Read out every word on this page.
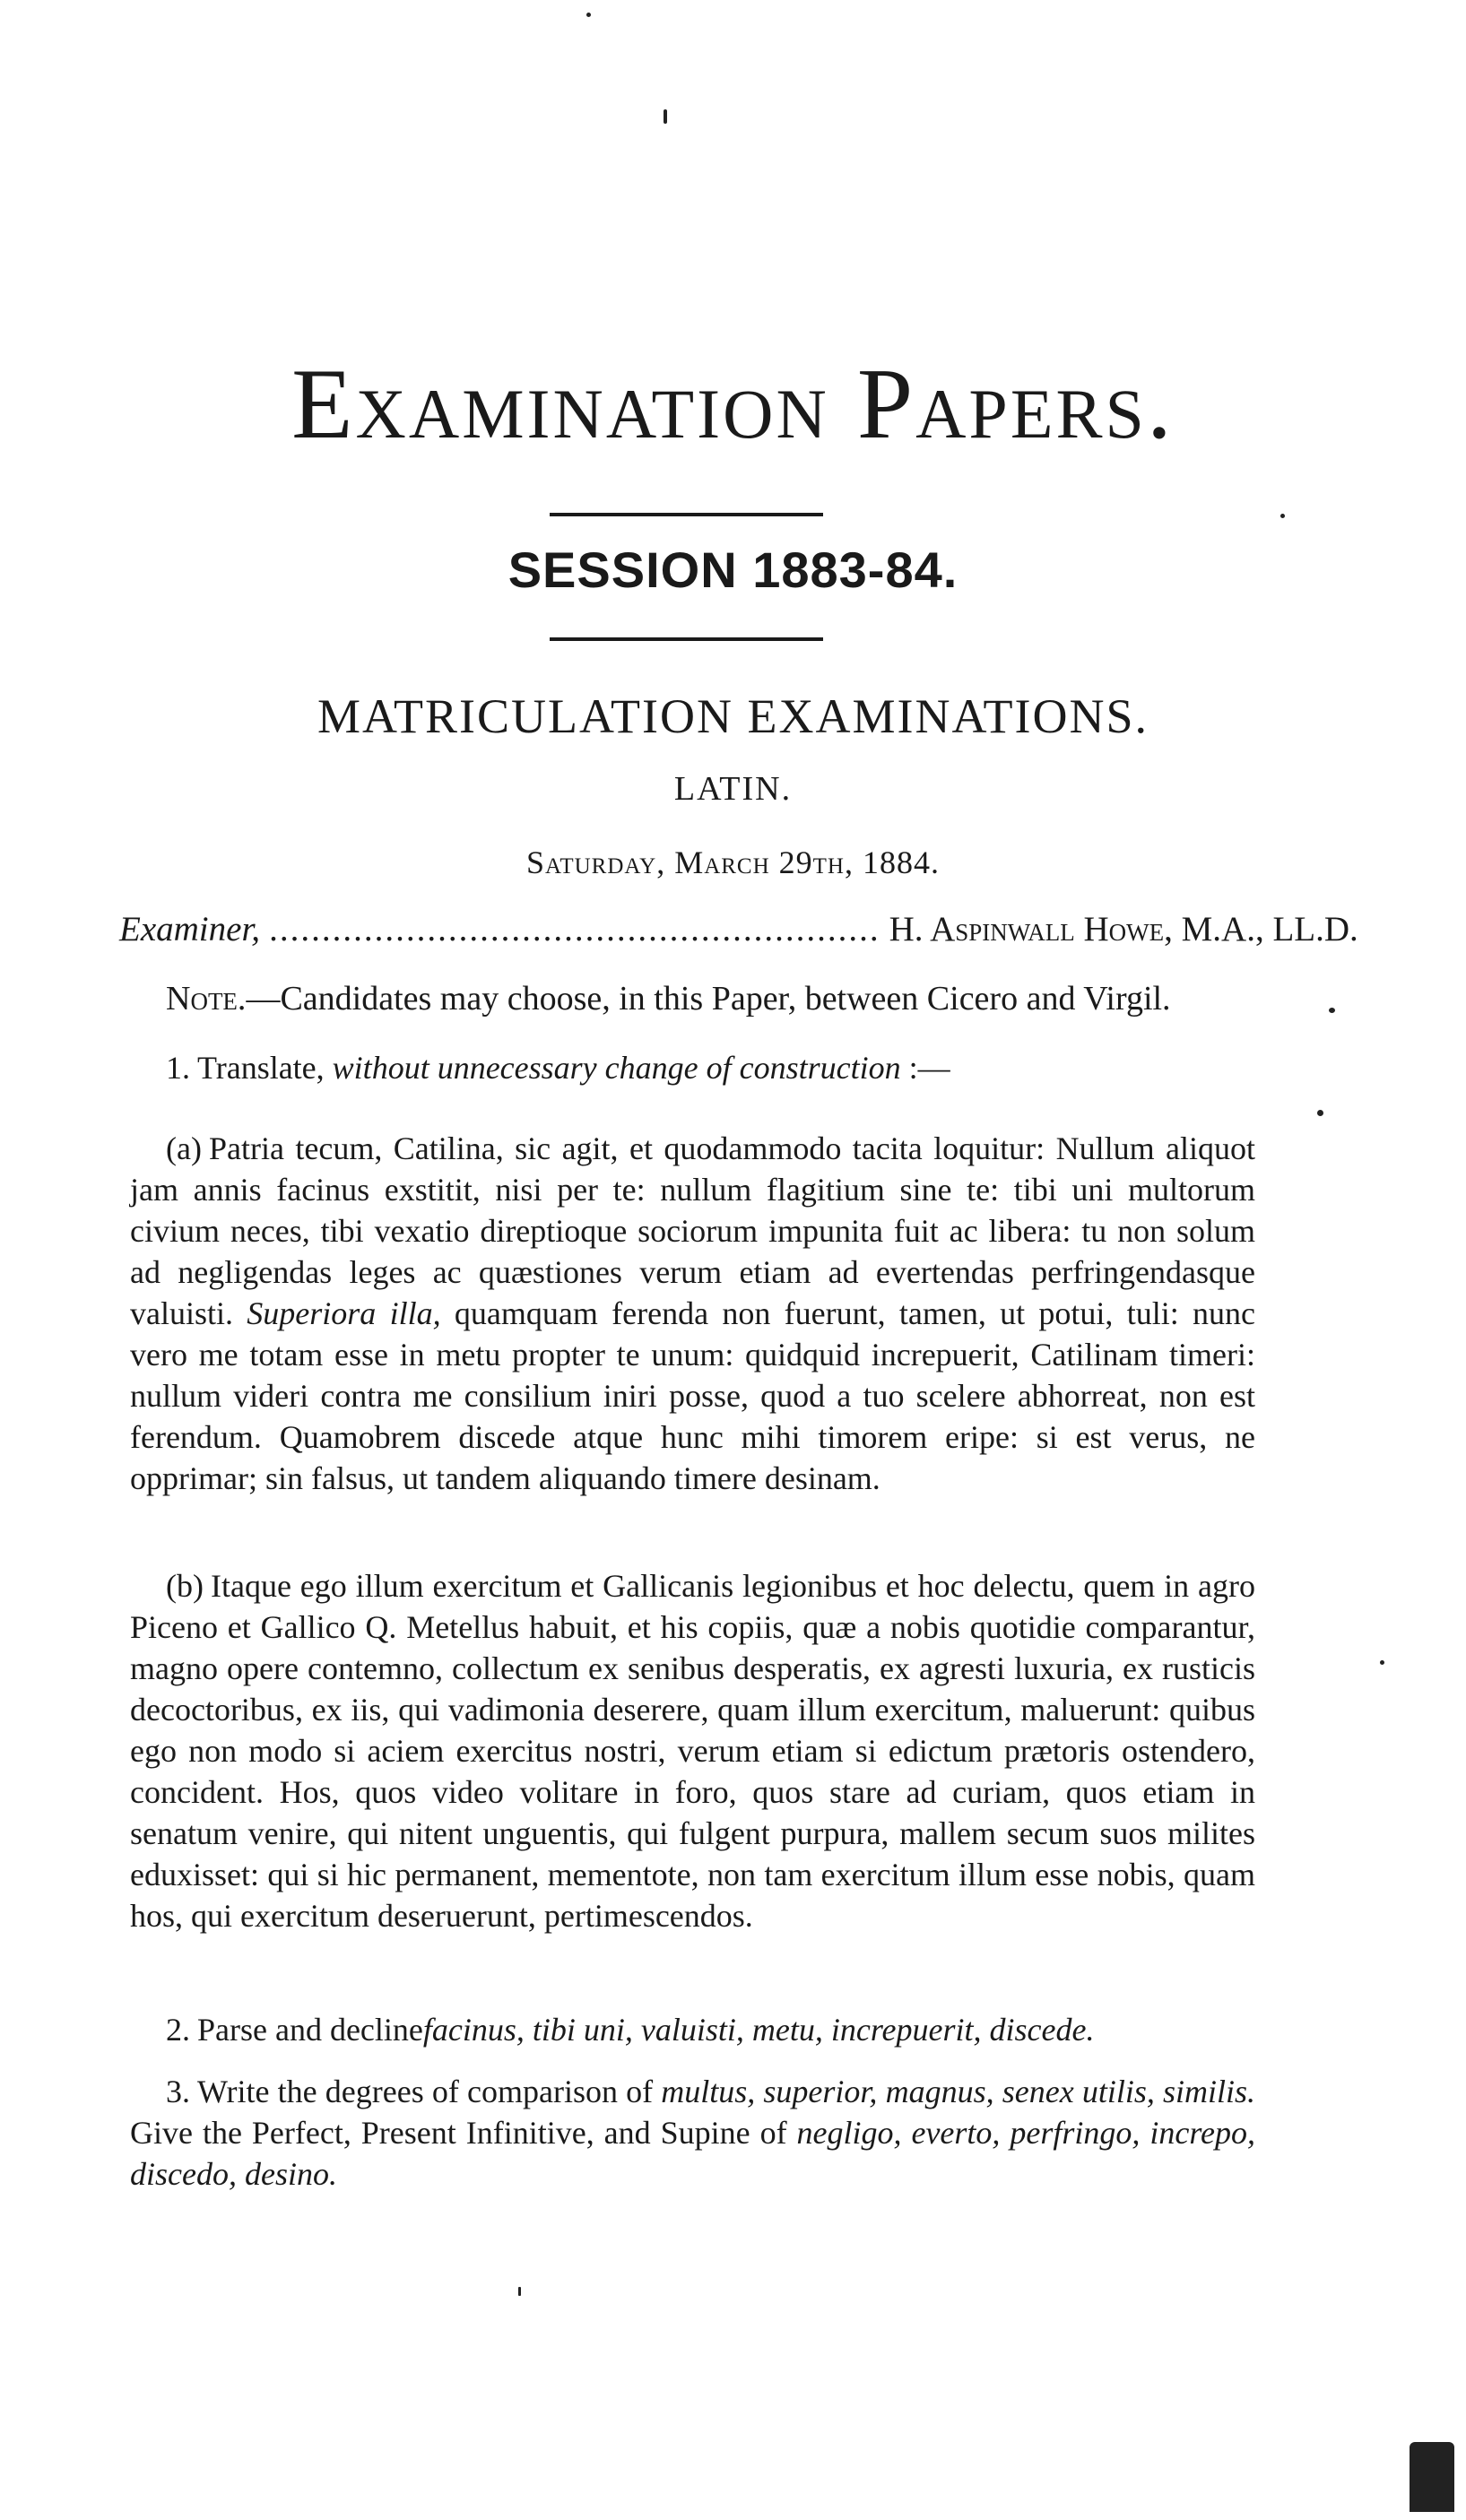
Examination Papers.
SESSION 1883-84.
MATRICULATION EXAMINATIONS.
LATIN.
Saturday, March 29th, 1884.
Examiner, .......................................................... H. Aspinwall Howe, M.A., LL.D.

Note.—Candidates may choose, in this Paper, between Cicero and Virgil.

1. Translate, without unnecessary change of construction :—

(a) Patria tecum, Catilina, sic agit, et quodammodo tacita loquitur: Nullum aliquot jam annis facinus exstitit, nisi per te: nullum flagitium sine te: tibi uni multorum civium neces, tibi vexatio direptioque sociorum impunita fuit ac libera: tu non solum ad negligendas leges ac quæstiones verum etiam ad evertendas perfringendasque valuisti. Superiora illa, quamquam ferenda non fuerunt, tamen, ut potui, tuli: nunc vero me totam esse in metu propter te unum: quidquid increpuerit, Catilinam timeri: nullum videri contra me consilium iniri posse, quod a tuo scelere abhorreat, non est ferendum. Quamobrem discede atque hunc mihi timorem eripe: si est verus, ne opprimar; sin falsus, ut tandem aliquando timere desinam.

(b) Itaque ego illum exercitum et Gallicanis legionibus et hoc delectu, quem in agro Piceno et Gallico Q. Metellus habuit, et his copiis, quæ a nobis quotidie comparantur, magno opere contemno, collectum ex senibus desperatis, ex agresti luxuria, ex rusticis decoctoribus, ex iis, qui vadimonia deserere, quam illum exercitum, maluerunt: quibus ego non modo si aciem exercitus nostri, verum etiam si edictum prætoris ostendero, concident. Hos, quos video volitare in foro, quos stare ad curiam, quos etiam in senatum venire, qui nitent unguentis, qui fulgent purpura, mallem secum suos milites eduxisset: qui si hic permanent, mementote, non tam exercitum illum esse nobis, quam hos, qui exercitum deseruerunt, pertimescendos.

2. Parse and declinefacinus, tibi uni, valuisti, metu, increpuerit, discede.

3. Write the degrees of comparison of multus, superior, magnus, senex utilis, similis. Give the Perfect, Present Infinitive, and Supine of negligo, everto, perfringo, increpo, discedo, desino.
